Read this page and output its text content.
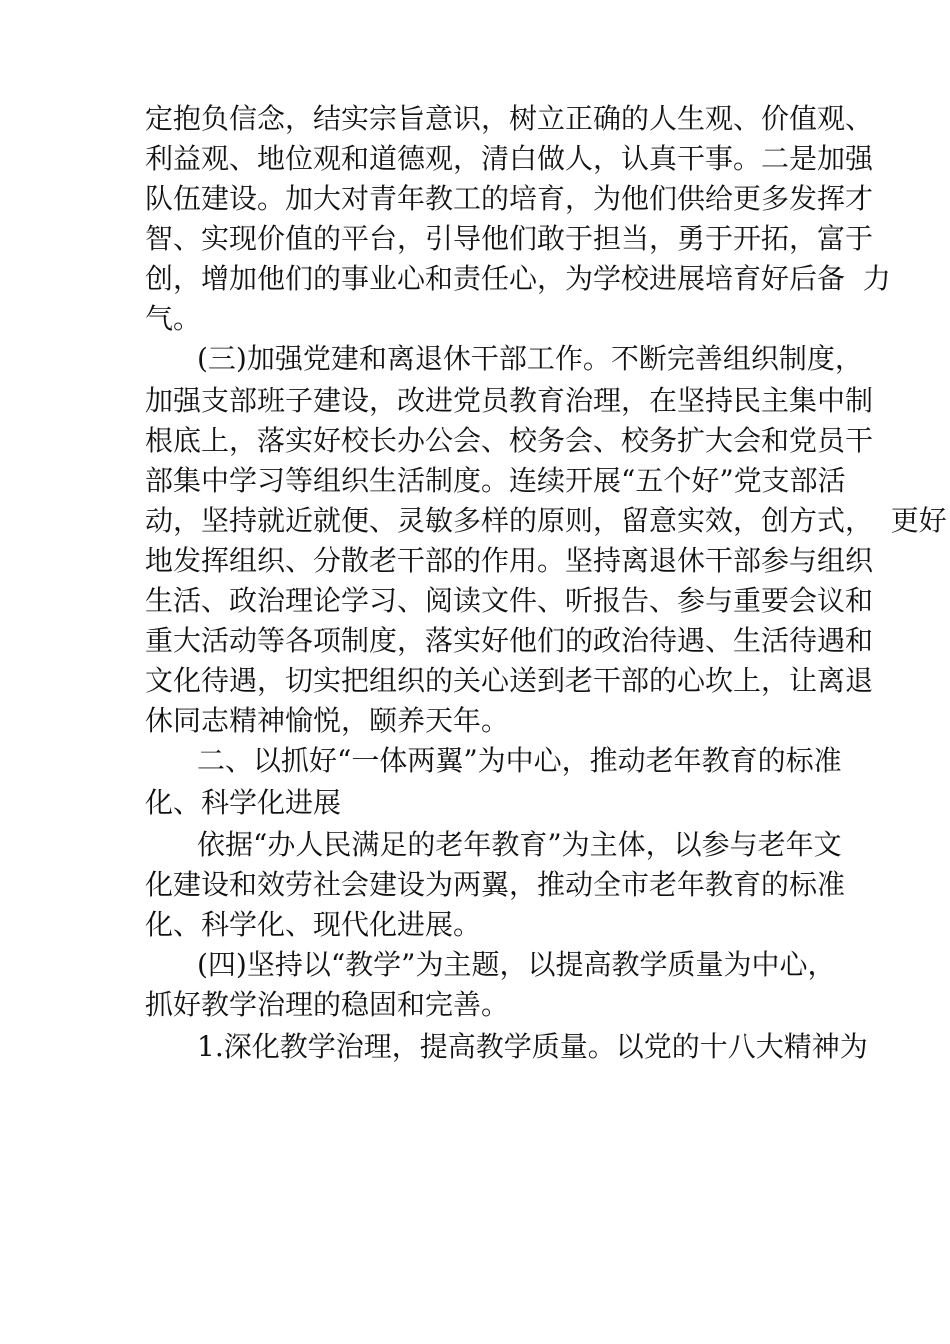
定抱负信念，结实宗旨意识，树立正确的人生观、价值观、

利益观、地位观和道德观，清白做人，认真干事。二是加强

队伍建设。加大对青年教工的培育，为他们供给更多发挥才

智、实现价值的平台，引导他们敢于担当，勇于开拓，富于

创，增加他们的事业心和责任心，为学校进展培育好后备  力

气。

(三)加强党建和离退休干部工作。不断完善组织制度，

加强支部班子建设，改进党员教育治理，在坚持民主集中制

根底上，落实好校长办公会、校务会、校务扩大会和党员干

部集中学习等组织生活制度。连续开展“五个好”党支部活

动，坚持就近就便、灵敏多样的原则，留意实效，创方式，  更好

地发挥组织、分散老干部的作用。坚持离退休干部参与组织

生活、政治理论学习、阅读文件、听报告、参与重要会议和

重大活动等各项制度，落实好他们的政治待遇、生活待遇和

文化待遇，切实把组织的关心送到老干部的心坎上，让离退

休同志精神愉悦，颐养天年。

二、以抓好“一体两翼”为中心，推动老年教育的标准

化、科学化进展

依据“办人民满足的老年教育”为主体，以参与老年文

化建设和效劳社会建设为两翼，推动全市老年教育的标准

化、科学化、现代化进展。

(四)坚持以“教学”为主题，以提高教学质量为中心，

抓好教学治理的稳固和完善。

1.深化教学治理，提高教学质量。以党的十八大精神为
